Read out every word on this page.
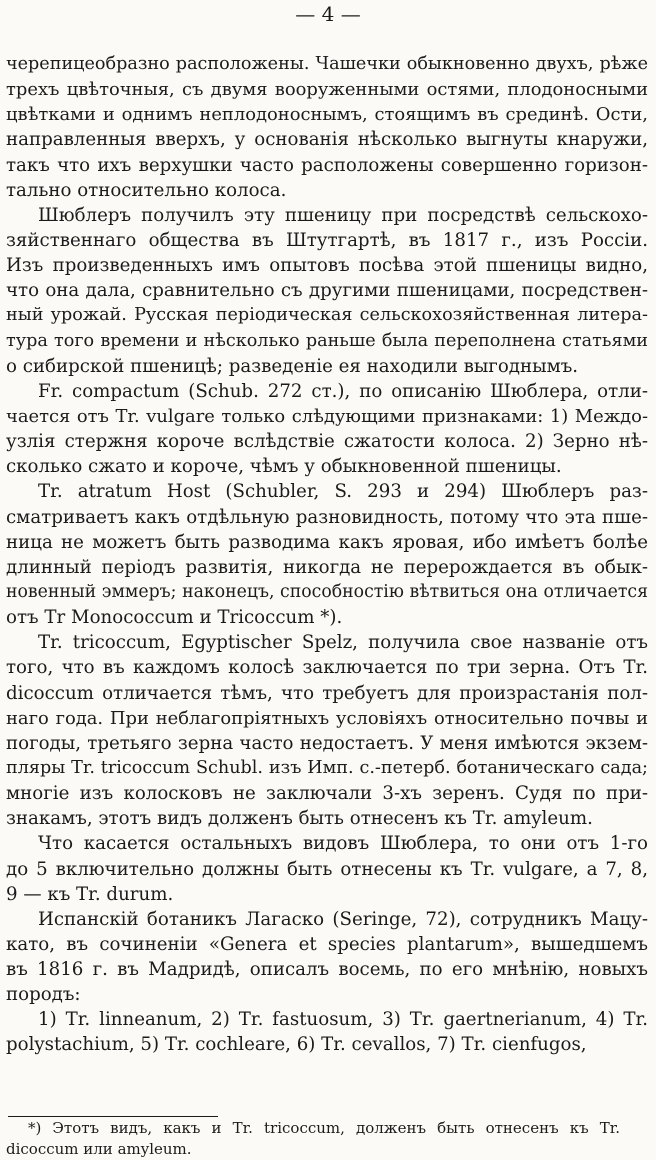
— 4 —
черепицеобразно расположены. Чашечки обыкновенно двухъ, рѣже
трехъ цвѣточныя, съ двумя вооруженными остями, плодоносными
цвѣтками и однимъ неплодоноснымъ, стоящимъ въ срединѣ. Ости,
направленныя вверхъ, у основанія нѣсколько выгнуты кнаружи,
такъ что ихъ верхушки часто расположены совершенно горизон-
тально относительно колоса.
Шюблеръ получилъ эту пшеницу при посредствѣ сельскохо-
зяйственнаго общества въ Штутгартѣ, въ 1817 г., изъ Россіи.
Изъ произведенныхъ имъ опытовъ посѣва этой пшеницы видно,
что она дала, сравнительно съ другими пшеницами, посредствен-
ный урожай. Русская періодическая сельскохозяйственная литера-
тура того времени и нѣсколько раньше была переполнена статьями
о сибирской пшеницѣ; разведеніе ея находили выгоднымъ.
Fr. compactum (Schub. 272 ст.), по описанію Шюблера, отли-
чается отъ Tr. vulgare только слѣдующими признаками: 1) Междо-
узлія стержня короче вслѣдствіе сжатости колоса. 2) Зерно нѣ-
сколько сжато и короче, чѣмъ у обыкновенной пшеницы.
Tr. atratum Host (Schubler, S. 293 и 294) Шюблеръ раз-
сматриваетъ какъ отдѣльную разновидность, потому что эта пше-
ница не можетъ быть разводима какъ яровая, ибо имѣетъ болѣе
длинный періодъ развитія, никогда не перерождается въ обык-
новенный эммеръ; наконецъ, способностію вѣтвиться она отличается
отъ Tr Monococcum и Tricoccum *).
Tr. tricoccum, Egyptischer Spelz, получила свое названіе отъ
того, что въ каждомъ колосѣ заключается по три зерна. Отъ Tr.
dicoccum отличается тѣмъ, что требуетъ для произрастанія пол-
наго года. При неблагопріятныхъ условіяхъ относительно почвы и
погоды, третьяго зерна часто недостаетъ. У меня имѣются экзем-
пляры Tr. tricoccum Schubl. изъ Имп. с.-петерб. ботаническаго сада;
многіе изъ колосковъ не заключали 3-хъ зеренъ. Судя по при-
знакамъ, этотъ видъ долженъ быть отнесенъ къ Tr. amyleum.
Что касается остальныхъ видовъ Шюблера, то они отъ 1-го
до 5 включительно должны быть отнесены къ Tr. vulgare, а 7, 8,
9 — къ Tr. durum.
Испанскій ботаникъ Лагаско (Seringe, 72), сотрудникъ Мацу-
като, въ сочиненіи «Genera et species plantarum», вышедшемъ
въ 1816 г. въ Мадридѣ, описалъ восемь, по его мнѣнію, новыхъ
породъ:
1) Tr. linneanum, 2) Tr. fastuosum, 3) Tr. gaertnerianum, 4) Tr.
polystachium, 5) Tr. cochleare, 6) Tr. cevallos, 7) Tr. cienfugos,
*) Этотъ видъ, какъ и Tr. tricoccum, долженъ быть отнесенъ къ Tr.
dicoccum или amyleum.
